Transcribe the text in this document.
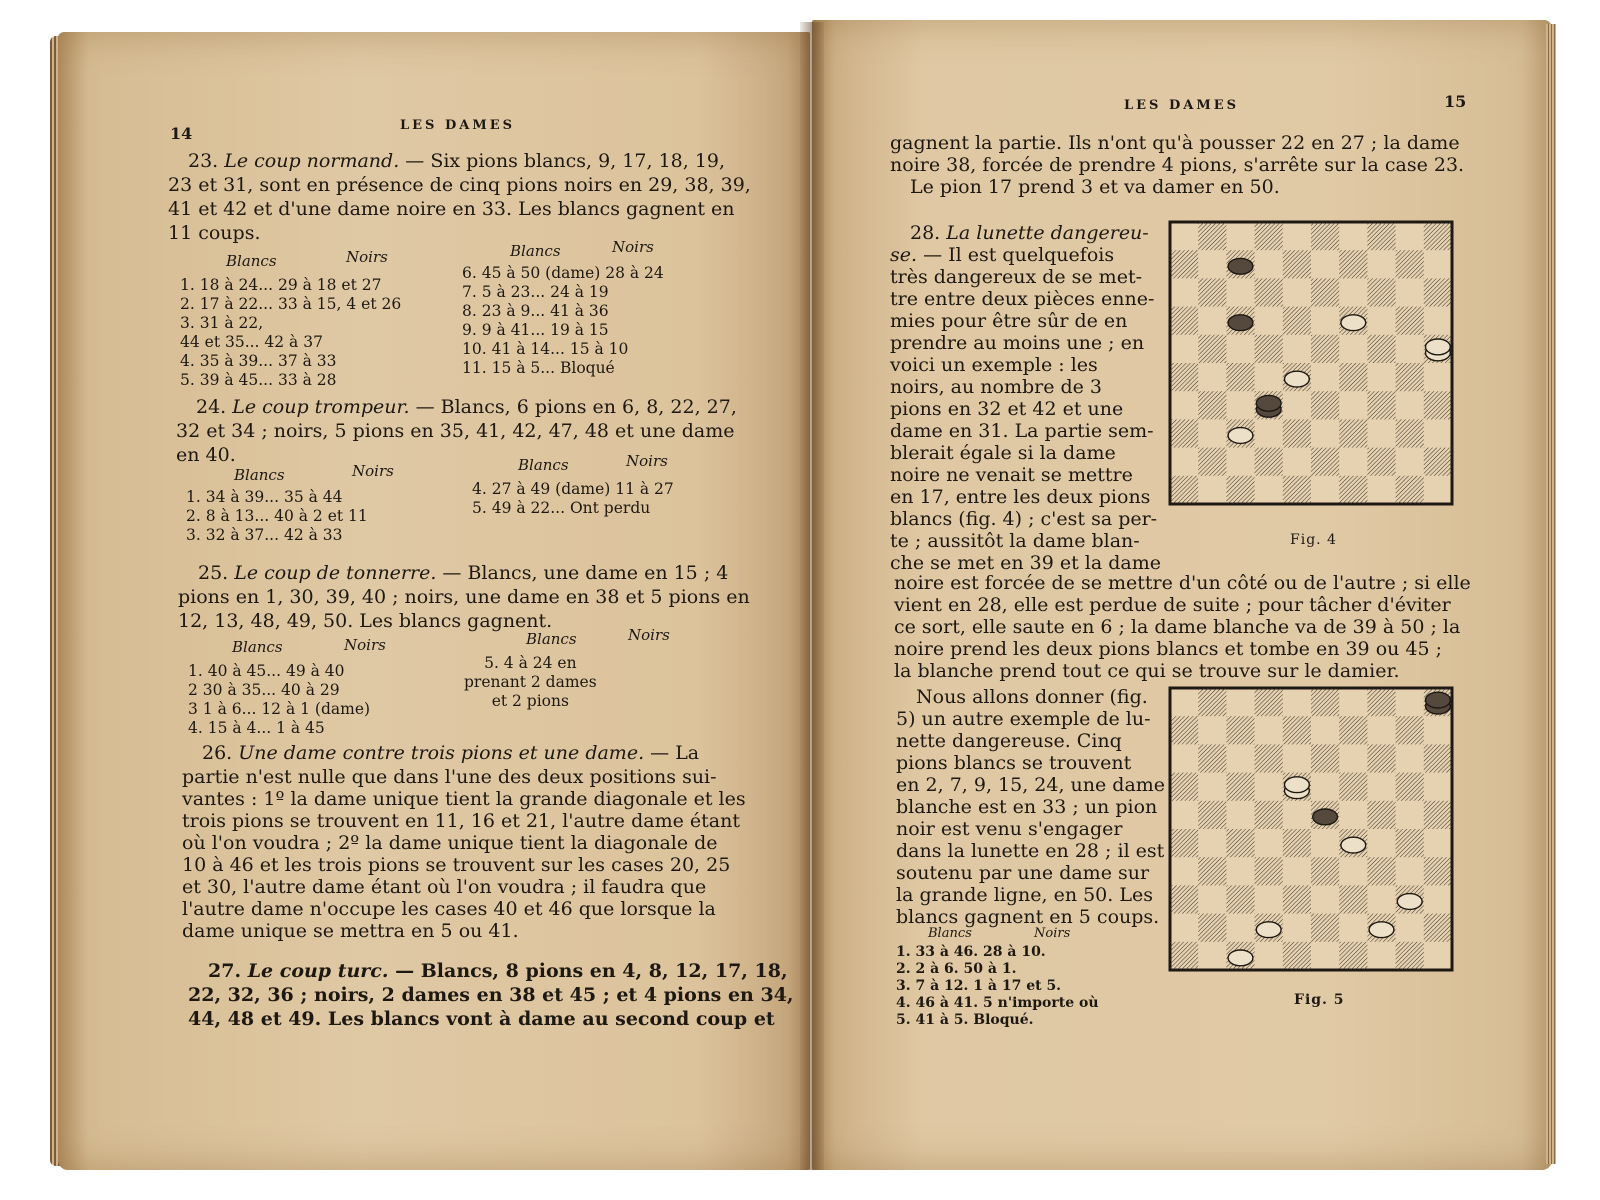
14	LES DAMES
23. Le coup normand. — Six pions blancs, 9, 17, 18, 19,
23 et 31, sont en présence de cinq pions noirs en 29, 38, 39,
41 et 42 et d'une dame noire en 33. Les blancs gagnent en
11 coups.
Blancs	Noirs	Blancs	Noirs
1. 18 à 24... 29 à 18 et 27
2. 17 à 22... 33 à 15, 4 et 26
3. 31 à 22,
44 et 35... 42 à 37
4. 35 à 39... 37 à 33
5. 39 à 45... 33 à 28
6. 45 à 50 (dame) 28 à 24
7. 5 à 23... 24 à 19
8. 23 à 9... 41 à 36
9. 9 à 41... 19 à 15
10. 41 à 14... 15 à 10
11. 15 à 5... Bloqué
24. Le coup trompeur. — Blancs, 6 pions en 6, 8, 22, 27,
32 et 34 ; noirs, 5 pions en 35, 41, 42, 47, 48 et une dame
en 40.
Blancs	Noirs	Blancs	Noirs
1. 34 à 39... 35 à 44
2. 8 à 13... 40 à 2 et 11
3. 32 à 37... 42 à 33
4. 27 à 49 (dame) 11 à 27
5. 49 à 22... Ont perdu
25. Le coup de tonnerre. — Blancs, une dame en 15 ; 4
pions en 1, 30, 39, 40 ; noirs, une dame en 38 et 5 pions en
12, 13, 48, 49, 50. Les blancs gagnent.
Blancs	Noirs	Blancs	Noirs
1. 40 à 45... 49 à 40
2 30 à 35... 40 à 29
3 1 à 6... 12 à 1 (dame)
4. 15 à 4... 1 à 45
5. 4 à 24 en
prenant 2 dames
et 2 pions
26. Une dame contre trois pions et une dame. — La
partie n'est nulle que dans l'une des deux positions sui-
vantes : 1º la dame unique tient la grande diagonale et les
trois pions se trouvent en 11, 16 et 21, l'autre dame étant
où l'on voudra ; 2º la dame unique tient la diagonale de
10 à 46 et les trois pions se trouvent sur les cases 20, 25
et 30, l'autre dame étant où l'on voudra ; il faudra que
l'autre dame n'occupe les cases 40 et 46 que lorsque la
dame unique se mettra en 5 ou 41.
27. Le coup turc. — Blancs, 8 pions en 4, 8, 12, 17, 18,
22, 32, 36 ; noirs, 2 dames en 38 et 45 ; et 4 pions en 34,
44, 48 et 49. Les blancs vont à dame au second coup et
LES DAMES	15
gagnent la partie. Ils n'ont qu'à pousser 22 en 27 ; la dame
noire 38, forcée de prendre 4 pions, s'arrête sur la case 23.
Le pion 17 prend 3 et va damer en 50.
28. La lunette dangereu-
se. — Il est quelquefois
très dangereux de se met-
tre entre deux pièces enne-
mies pour être sûr de en
prendre au moins une ; en
voici un exemple : les
noirs, au nombre de 3
pions en 32 et 42 et une
dame en 31. La partie sem-
blerait égale si la dame
noire ne venait se mettre
en 17, entre les deux pions
blancs (fig. 4) ; c'est sa per-
te ; aussitôt la dame blan-
che se met en 39 et la dame
noire est forcée de se mettre d'un côté ou de l'autre ; si elle
vient en 28, elle est perdue de suite ; pour tâcher d'éviter
ce sort, elle saute en 6 ; la dame blanche va de 39 à 50 ; la
noire prend les deux pions blancs et tombe en 39 ou 45 ;
la blanche prend tout ce qui se trouve sur le damier.
Fig. 4
Nous allons donner (fig.
5) un autre exemple de lu-
nette dangereuse. Cinq
pions blancs se trouvent
en 2, 7, 9, 15, 24, une dame
blanche est en 33 ; un pion
noir est venu s'engager
dans la lunette en 28 ; il est
soutenu par une dame sur
la grande ligne, en 50. Les
blancs gagnent en 5 coups.
Blancs	Noirs
1. 33 à 46. 28 à 10.
2. 2 à 6. 50 à 1.
3. 7 à 12. 1 à 17 et 5.
4. 46 à 41. 5 n'importe où
5. 41 à 5. Bloqué.
Fig. 5
